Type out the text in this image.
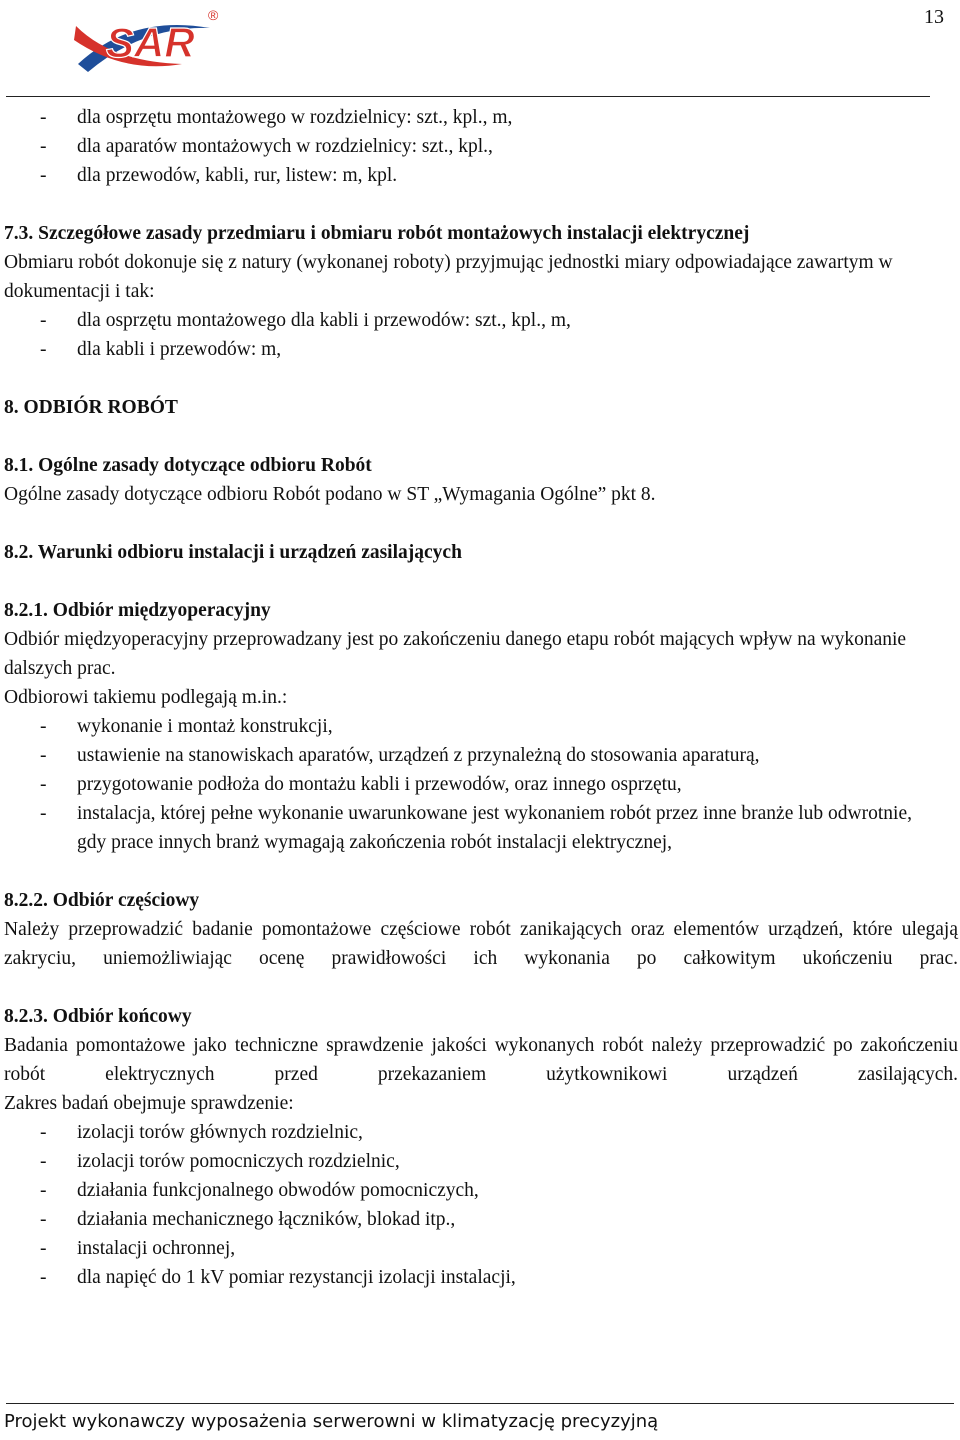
SAR
®	13
- dla osprzętu montażowego w rozdzielnicy: szt., kpl., m,
- dla aparatów montażowych w rozdzielnicy: szt., kpl.,
- dla przewodów, kabli, rur, listew: m, kpl.
7.3. Szczegółowe zasady przedmiaru i obmiaru robót montażowych instalacji elektrycznej
Obmiaru robót dokonuje się z natury (wykonanej roboty) przyjmując jednostki miary odpowiadające zawartym w dokumentacji i tak:
- dla osprzętu montażowego dla kabli i przewodów: szt., kpl., m,
- dla kabli i przewodów: m,
8. ODBIÓR ROBÓT
8.1. Ogólne zasady dotyczące odbioru Robót
Ogólne zasady dotyczące odbioru Robót podano w ST „Wymagania Ogólne” pkt 8.
8.2. Warunki odbioru instalacji i urządzeń zasilających
8.2.1. Odbiór międzyoperacyjny
Odbiór międzyoperacyjny przeprowadzany jest po zakończeniu danego etapu robót mających wpływ na wykonanie dalszych prac.
Odbiorowi takiemu podlegają m.in.:
- wykonanie i montaż konstrukcji,
- ustawienie na stanowiskach aparatów, urządzeń z przynależną do stosowania aparaturą,
- przygotowanie podłoża do montażu kabli i przewodów, oraz innego osprzętu,
- instalacja, której pełne wykonanie uwarunkowane jest wykonaniem robót przez inne branże lub odwrotnie, gdy prace innych branż wymagają zakończenia robót instalacji elektrycznej,
8.2.2. Odbiór częściowy
Należy przeprowadzić badanie pomontażowe częściowe robót zanikających oraz elementów urządzeń, które ulegają zakryciu, uniemożliwiając ocenę prawidłowości ich wykonania po całkowitym ukończeniu prac.
8.2.3. Odbiór końcowy
Badania pomontażowe jako techniczne sprawdzenie jakości wykonanych robót należy przeprowadzić po zakończeniu robót elektrycznych przed przekazaniem użytkownikowi urządzeń zasilających.
Zakres badań obejmuje sprawdzenie:
- izolacji torów głównych rozdzielnic,
- izolacji torów pomocniczych rozdzielnic,
- działania funkcjonalnego obwodów pomocniczych,
- działania mechanicznego łączników, blokad itp.,
- instalacji ochronnej,
- dla napięć do 1 kV pomiar rezystancji izolacji instalacji,
Projekt wykonawczy wyposażenia serwerowni w klimatyzację precyzyjną
